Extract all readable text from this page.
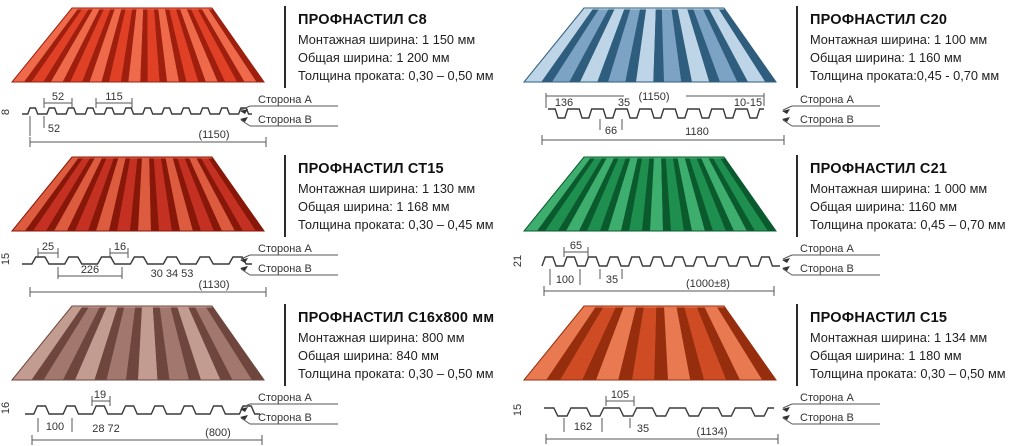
ПРОФНАСТИЛ С8
Монтажная ширина: 1 150 мм
Общая ширина: 1 200 мм
Толщина проката: 0,30 – 0,50 мм
8
52	115
52	(1150)
Сторона А
Сторона В
ПРОФНАСТИЛ СТ15
Монтажная ширина: 1 130 мм
Общая ширина: 1 168 мм
Толщина проката: 0,30 – 0,45 мм
15
25	16
226	30 34 53
(1130)
Сторона А
Сторона В
ПРОФНАСТИЛ С16х800 мм
Монтажная ширина: 800 мм
Общая ширина: 840 мм
Толщина проката: 0,30 – 0,50 мм
16
19
100	28 72	(800)
Сторона А
Сторона В
ПРОФНАСТИЛ С20
Монтажная ширина: 1 100 мм
Общая ширина: 1 160 мм
Толщина проката:0,45 - 0,70 мм
(1150)
136	35	10-15
66	1180
Сторона А
Сторона В
ПРОФНАСТИЛ С21
Монтажная ширина: 1 000 мм
Общая ширина: 1160 мм
Толщина проката: 0,45 – 0,70 мм
21
65
100	35	(1000±8)
Сторона А
Сторона В
ПРОФНАСТИЛ С15
Монтажная ширина: 1 134 мм
Общая ширина: 1 180 мм
Толщина проката: 0,30 – 0,50 мм
15
105
162	35	(1134)
Сторона А
Сторона В
